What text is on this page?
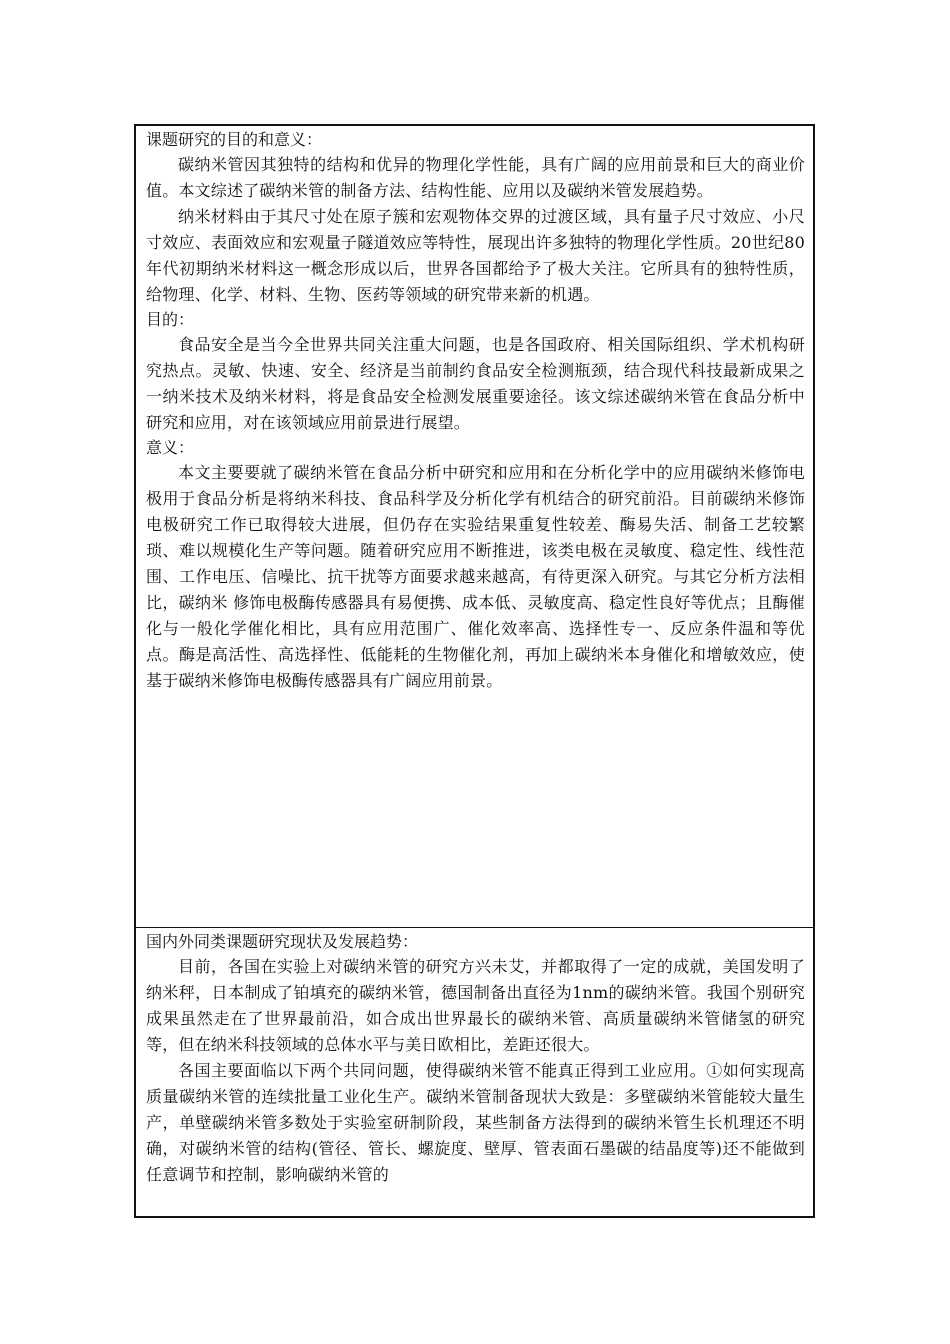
课题研究的目的和意义：

碳纳米管因其独特的结构和优异的物理化学性能，具有广阔的应用前景和巨大的商业价值。本文综述了碳纳米管的制备方法、结构性能、应用以及碳纳米管发展趋势。

纳米材料由于其尺寸处在原子簇和宏观物体交界的过渡区域，具有量子尺寸效应、小尺寸效应、表面效应和宏观量子隧道效应等特性，展现出许多独特的物理化学性质。20世纪80年代初期纳米材料这一概念形成以后，世界各国都给予了极大关注。它所具有的独特性质，给物理、化学、材料、生物、医药等领域的研究带来新的机遇。

目的：

食品安全是当今全世界共同关注重大问题，也是各国政府、相关国际组织、学术机构研究热点。灵敏、快速、安全、经济是当前制约食品安全检测瓶颈，结合现代科技最新成果之一纳米技术及纳米材料，将是食品安全检测发展重要途径。该文综述碳纳米管在食品分析中研究和应用，对在该领域应用前景进行展望。

意义：

本文主要要就了碳纳米管在食品分析中研究和应用和在分析化学中的应用碳纳米修饰电极用于食品分析是将纳米科技、食品科学及分析化学有机结合的研究前沿。目前碳纳米修饰电极研究工作已取得较大进展，但仍存在实验结果重复性较差、酶易失活、制备工艺较繁琐、难以规模化生产等问题。随着研究应用不断推进，该类电极在灵敏度、稳定性、线性范围、工作电压、信噪比、抗干扰等方面要求越来越高，有待更深入研究。与其它分析方法相比，碳纳米 修饰电极酶传感器具有易便携、成本低、灵敏度高、稳定性良好等优点；且酶催化与一般化学催化相比，具有应用范围广、催化效率高、选择性专一、反应条件温和等优点。酶是高活性、高选择性、低能耗的生物催化剂，再加上碳纳米本身催化和增敏效应，使基于碳纳米修饰电极酶传感器具有广阔应用前景。

国内外同类课题研究现状及发展趋势：

目前，各国在实验上对碳纳米管的研究方兴未艾，并都取得了一定的成就，美国发明了纳米秤，日本制成了铂填充的碳纳米管，德国制备出直径为1nm的碳纳米管。我国个别研究成果虽然走在了世界最前沿，如合成出世界最长的碳纳米管、高质量碳纳米管储氢的研究等，但在纳米科技领域的总体水平与美日欧相比，差距还很大。

各国主要面临以下两个共同问题，使得碳纳米管不能真正得到工业应用。①如何实现高质量碳纳米管的连续批量工业化生产。碳纳米管制备现状大致是：多壁碳纳米管能较大量生产，单壁碳纳米管多数处于实验室研制阶段，某些制备方法得到的碳纳米管生长机理还不明确，对碳纳米管的结构(管径、管长、螺旋度、壁厚、管表面石墨碳的结晶度等)还不能做到任意调节和控制，影响碳纳米管的
